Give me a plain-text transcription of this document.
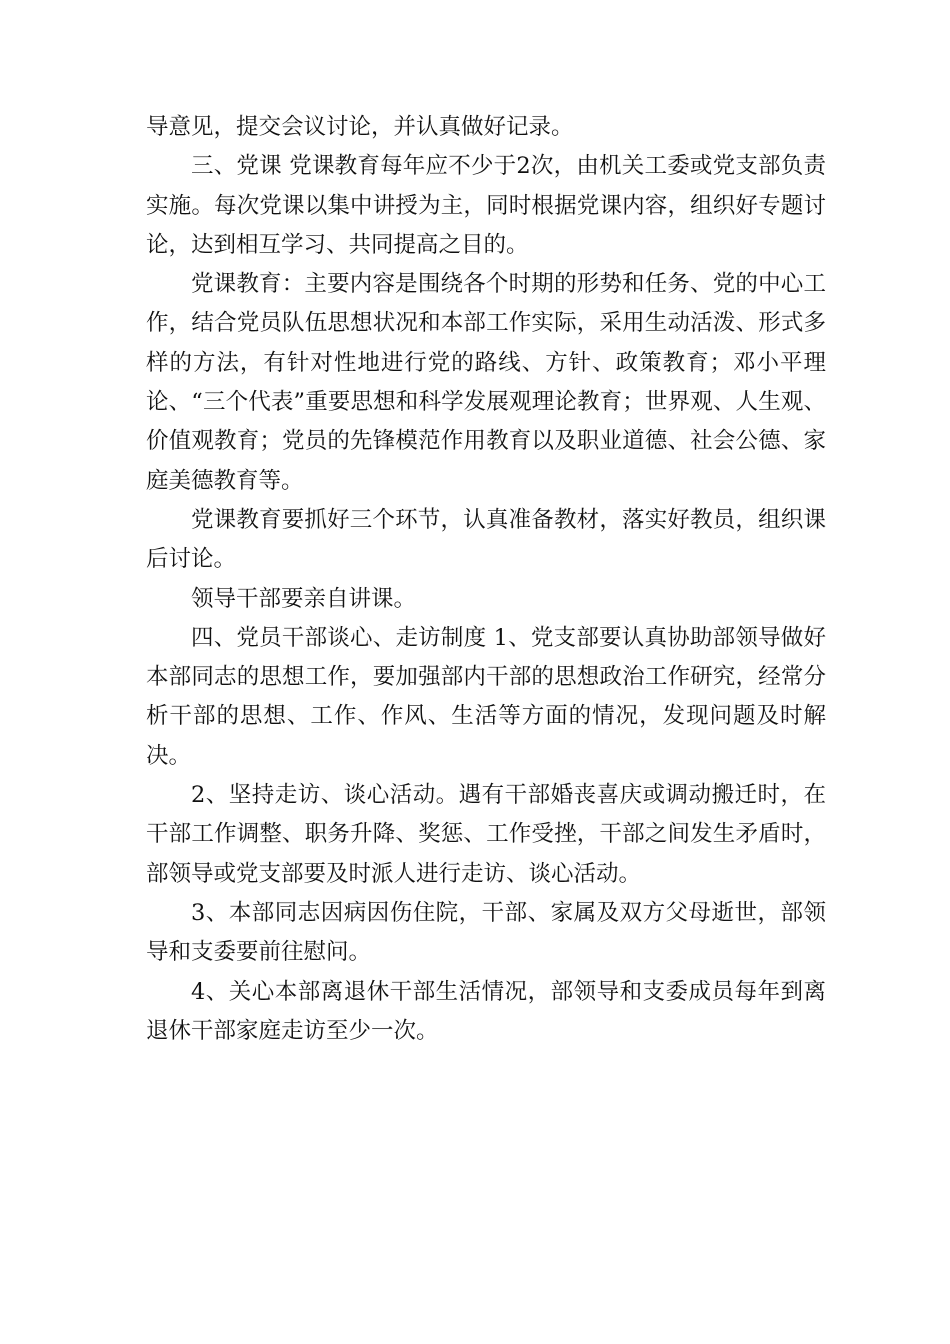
导意见，提交会议讨论，并认真做好记录。

三、党课 党课教育每年应不少于2次，由机关工委或党支部负责实施。每次党课以集中讲授为主，同时根据党课内容，组织好专题讨论，达到相互学习、共同提高之目的。

党课教育：主要内容是围绕各个时期的形势和任务、党的中心工作，结合党员队伍思想状况和本部工作实际，采用生动活泼、形式多样的方法，有针对性地进行党的路线、方针、政策教育；邓小平理论、“三个代表”重要思想和科学发展观理论教育；世界观、人生观、价值观教育；党员的先锋模范作用教育以及职业道德、社会公德、家庭美德教育等。

党课教育要抓好三个环节，认真准备教材，落实好教员，组织课后讨论。

领导干部要亲自讲课。

四、党员干部谈心、走访制度 1、党支部要认真协助部领导做好本部同志的思想工作，要加强部内干部的思想政治工作研究，经常分析干部的思想、工作、作风、生活等方面的情况，发现问题及时解决。

2、坚持走访、谈心活动。遇有干部婚丧喜庆或调动搬迁时，在干部工作调整、职务升降、奖惩、工作受挫，干部之间发生矛盾时，部领导或党支部要及时派人进行走访、谈心活动。

3、本部同志因病因伤住院，干部、家属及双方父母逝世，部领导和支委要前往慰问。

4、关心本部离退休干部生活情况，部领导和支委成员每年到离退休干部家庭走访至少一次。
